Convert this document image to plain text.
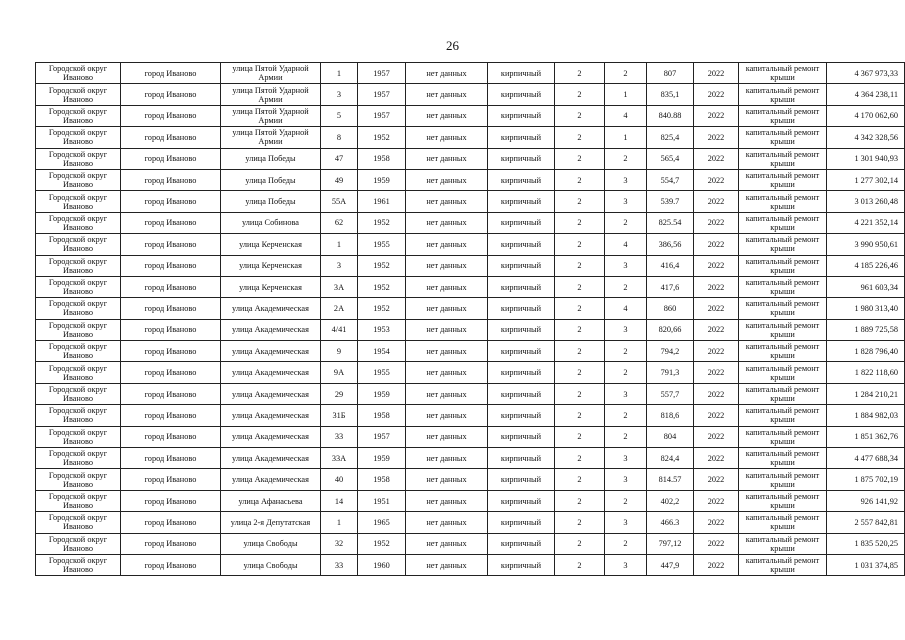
26
Городской округ Иваново	город Иваново	улица Пятой Ударной Армии	1	1957	нет данных	кирпичный	2	2	807	2022	капитальный ремонт крыши	4 367 973,33
Городской округ Иваново	город Иваново	улица Пятой Ударной Армии	3	1957	нет данных	кирпичный	2	1	835,1	2022	капитальный ремонт крыши	4 364 238,11
Городской округ Иваново	город Иваново	улица Пятой Ударной Армии	5	1957	нет данных	кирпичный	2	4	840.88	2022	капитальный ремонт крыши	4 170 062,60
Городской округ Иваново	город Иваново	улица Пятой Ударной Армии	8	1952	нет данных	кирпичный	2	1	825,4	2022	капитальный ремонт крыши	4 342 328,56
Городской округ Иваново	город Иваново	улица Победы	47	1958	нет данных	кирпичный	2	2	565,4	2022	капитальный ремонт крыши	1 301 940,93
Городской округ Иваново	город Иваново	улица Победы	49	1959	нет данных	кирпичный	2	3	554,7	2022	капитальный ремонт крыши	1 277 302,14
Городской округ Иваново	город Иваново	улица Победы	55А	1961	нет данных	кирпичный	2	3	539.7	2022	капитальный ремонт крыши	3 013 260,48
Городской округ Иваново	город Иваново	улица Собинова	62	1952	нет данных	кирпичный	2	2	825.54	2022	капитальный ремонт крыши	4 221 352,14
Городской округ Иваново	город Иваново	улица Керченская	1	1955	нет данных	кирпичный	2	4	386,56	2022	капитальный ремонт крыши	3 990 950,61
Городской округ Иваново	город Иваново	улица Керченская	3	1952	нет данных	кирпичный	2	3	416,4	2022	капитальный ремонт крыши	4 185 226,46
Городской округ Иваново	город Иваново	улица Керченская	3А	1952	нет данных	кирпичный	2	2	417,6	2022	капитальный ремонт крыши	961 603,34
Городской округ Иваново	город Иваново	улица Академическая	2А	1952	нет данных	кирпичный	2	4	860	2022	капитальный ремонт крыши	1 980 313,40
Городской округ Иваново	город Иваново	улица Академическая	4/41	1953	нет данных	кирпичный	2	3	820,66	2022	капитальный ремонт крыши	1 889 725,58
Городской округ Иваново	город Иваново	улица Академическая	9	1954	нет данных	кирпичный	2	2	794,2	2022	капитальный ремонт крыши	1 828 796,40
Городской округ Иваново	город Иваново	улица Академическая	9А	1955	нет данных	кирпичный	2	2	791,3	2022	капитальный ремонт крыши	1 822 118,60
Городской округ Иваново	город Иваново	улица Академическая	29	1959	нет данных	кирпичный	2	3	557,7	2022	капитальный ремонт крыши	1 284 210,21
Городской округ Иваново	город Иваново	улица Академическая	31Б	1958	нет данных	кирпичный	2	2	818,6	2022	капитальный ремонт крыши	1 884 982,03
Городской округ Иваново	город Иваново	улица Академическая	33	1957	нет данных	кирпичный	2	2	804	2022	капитальный ремонт крыши	1 851 362,76
Городской округ Иваново	город Иваново	улица Академическая	33А	1959	нет данных	кирпичный	2	3	824,4	2022	капитальный ремонт крыши	4 477 688,34
Городской округ Иваново	город Иваново	улица Академическая	40	1958	нет данных	кирпичный	2	3	814.57	2022	капитальный ремонт крыши	1 875 702,19
Городской округ Иваново	город Иваново	улица Афанасьева	14	1951	нет данных	кирпичный	2	2	402,2	2022	капитальный ремонт крыши	926 141,92
Городской округ Иваново	город Иваново	улица 2-я Депутатская	1	1965	нет данных	кирпичный	2	3	466.3	2022	капитальный ремонт крыши	2 557 842,81
Городской округ Иваново	город Иваново	улица Свободы	32	1952	нет данных	кирпичный	2	2	797,12	2022	капитальный ремонт крыши	1 835 520,25
Городской округ Иваново	город Иваново	улица Свободы	33	1960	нет данных	кирпичный	2	3	447,9	2022	капитальный ремонт крыши	1 031 374,85
